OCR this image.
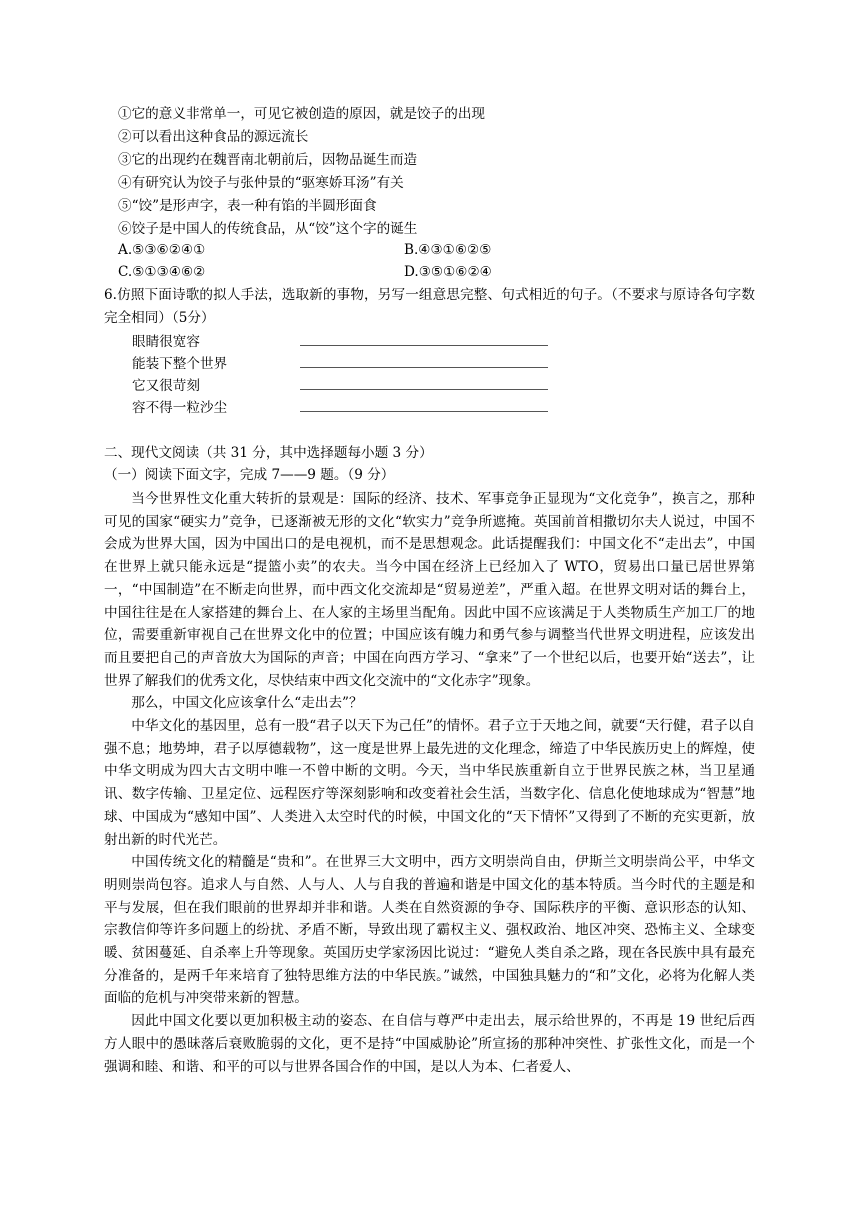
①它的意义非常单一，可见它被创造的原因，就是饺子的出现
②可以看出这种食品的源远流长
③它的出现约在魏晋南北朝前后，因物品诞生而造
④有研究认为饺子与张仲景的“驱寒娇耳汤”有关
⑤“饺”是形声字，表一种有馅的半圆形面食
⑥饺子是中国人的传统食品，从“饺”这个字的诞生
A.⑤③⑥②④①	B.④③①⑥②⑤
C.⑤①③④⑥②	D.③⑤①⑥②④
6.仿照下面诗歌的拟人手法，选取新的事物，另写一组意思完整、句式相近的句子。（不要求与原诗各句字数完全相同）（5分）
眼睛很宽容
能装下整个世界
它又很苛刻
容不得一粒沙尘
二、现代文阅读（共 31 分，其中选择题每小题 3 分）
（一）阅读下面文字，完成 7——9 题。（9 分）

当今世界性文化重大转折的景观是：国际的经济、技术、军事竞争正显现为“文化竞争”，换言之，那种可见的国家“硬实力”竞争，已逐渐被无形的文化“软实力”竞争所遮掩。英国前首相撒切尔夫人说过，中国不会成为世界大国，因为中国出口的是电视机，而不是思想观念。此话提醒我们：中国文化不“走出去”，中国在世界上就只能永远是“提篮小卖”的农夫。当今中国在经济上已经加入了 WTO，贸易出口量已居世界第一，“中国制造”在不断走向世界，而中西文化交流却是“贸易逆差”，严重入超。在世界文明对话的舞台上，中国往往是在人家搭建的舞台上、在人家的主场里当配角。因此中国不应该满足于人类物质生产加工厂的地位，需要重新审视自己在世界文化中的位置；中国应该有魄力和勇气参与调整当代世界文明进程，应该发出而且要把自己的声音放大为国际的声音；中国在向西方学习、“拿来”了一个世纪以后，也要开始“送去”，让世界了解我们的优秀文化，尽快结束中西文化交流中的“文化赤字”现象。

那么，中国文化应该拿什么“走出去”？

中华文化的基因里，总有一股“君子以天下为己任”的情怀。君子立于天地之间，就要“天行健，君子以自强不息；地势坤，君子以厚德载物”，这一度是世界上最先进的文化理念，缔造了中华民族历史上的辉煌，使中华文明成为四大古文明中唯一不曾中断的文明。今天，当中华民族重新自立于世界民族之林，当卫星通讯、数字传输、卫星定位、远程医疗等深刻影响和改变着社会生活，当数字化、信息化使地球成为“智慧”地球、中国成为“感知中国”、人类进入太空时代的时候，中国文化的“天下情怀”又得到了不断的充实更新，放射出新的时代光芒。

中国传统文化的精髓是“贵和”。在世界三大文明中，西方文明崇尚自由，伊斯兰文明崇尚公平，中华文明则崇尚包容。追求人与自然、人与人、人与自我的普遍和谐是中国文化的基本特质。当今时代的主题是和平与发展，但在我们眼前的世界却并非和谐。人类在自然资源的争夺、国际秩序的平衡、意识形态的认知、宗教信仰等许多问题上的纷扰、矛盾不断，导致出现了霸权主义、强权政治、地区冲突、恐怖主义、全球变暖、贫困蔓延、自杀率上升等现象。英国历史学家汤因比说过：“避免人类自杀之路，现在各民族中具有最充分准备的，是两千年来培育了独特思维方法的中华民族。”诚然，中国独具魅力的“和”文化，必将为化解人类面临的危机与冲突带来新的智慧。

因此中国文化要以更加积极主动的姿态、在自信与尊严中走出去，展示给世界的，不再是 19 世纪后西方人眼中的愚昧落后衰败脆弱的文化，更不是持“中国威胁论”所宣扬的那种冲突性、扩张性文化，而是一个强调和睦、和谐、和平的可以与世界各国合作的中国，是以人为本、仁者爱人、
